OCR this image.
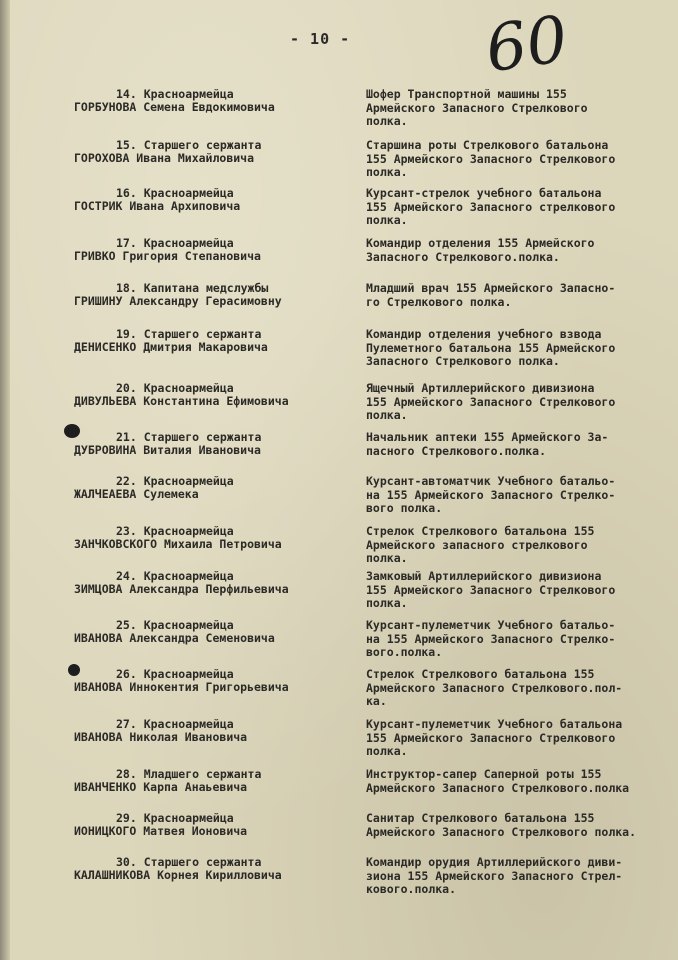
- 10 - 60
14. Красноармейца
ГОРБУНОВА Семена Евдокимовича
Шофер Транспортной машины 155
Армейского Запасного Стрелкового
полка.
15. Старшего сержанта
ГОРОХОВА Ивана Михайловича
Старшина роты Стрелкового батальона
155 Армейского Запасного Стрелкового
полка.
16. Красноармейца
ГОСТРИК Ивана Архиповича
Курсант-стрелок учебного батальона
155 Армейского Запасного стрелкового
полка.
17. Красноармейца
ГРИВКО Григория Степановича
Командир отделения 155 Армейского
Запасного Стрелкового.полка.
18. Капитана медслужбы
ГРИШИНУ Александру Герасимовну
Младший врач 155 Армейского Запасно-
го Стрелкового полка.
19. Старшего сержанта
ДЕНИСЕНКО Дмитрия Макаровича
Командир отделения учебного взвода
Пулеметного батальона 155 Армейского
Запасного Стрелкового полка.
20. Красноармейца
ДИВУЛЬЕВА Константина Ефимовича
Ящечный Артиллерийского дивизиона
155 Армейского Запасного Стрелкового
полка.
21. Старшего сержанта
ДУБРОВИНА Виталия Ивановича
Начальник аптеки 155 Армейского За-
пасного Стрелкового.полка.
22. Красноармейца
ЖАЛЧЕАЕВА Сулемека
Курсант-автоматчик Учебного батальо-
на 155 Армейского Запасного Стрелко-
вого полка.
23. Красноармейца
ЗАНЧКОВСКОГО Михаила Петровича
Стрелок Стрелкового батальона 155
Армейского запасного стрелкового
полка.
24. Красноармейца
ЗИМЦОВА Александра Перфильевича
Замковый Артиллерийского дивизиона
155 Армейского Запасного Стрелкового
полка.
25. Красноармейца
ИВАНОВА Александра Семеновича
Курсант-пулеметчик Учебного батальо-
на 155 Армейского Запасного Стрелко-
вого.полка.
26. Красноармейца
ИВАНОВА Иннокентия Григорьевича
Стрелок Стрелкового батальона 155
Армейского Запасного Стрелкового.пол-
ка.
27. Красноармейца
ИВАНОВА Николая Ивановича
Курсант-пулеметчик Учебного батальона
155 Армейского Запасного Стрелкового
полка.
28. Младшего сержанта
ИВАНЧЕНКО Карпа Анаьевича
Инструктор-сапер Саперной роты 155
Армейского Запасного Стрелкового.полка
29. Красноармейца
ИОНИЦКОГО Матвея Ионовича
Санитар Стрелкового батальона 155
Армейского Запасного Стрелкового полка.
30. Старшего сержанта
КАЛАШНИКОВА Корнея Кирилловича
Командир орудия Артиллерийского диви-
зиона 155 Армейского Запасного Стрел-
кового.полка.
